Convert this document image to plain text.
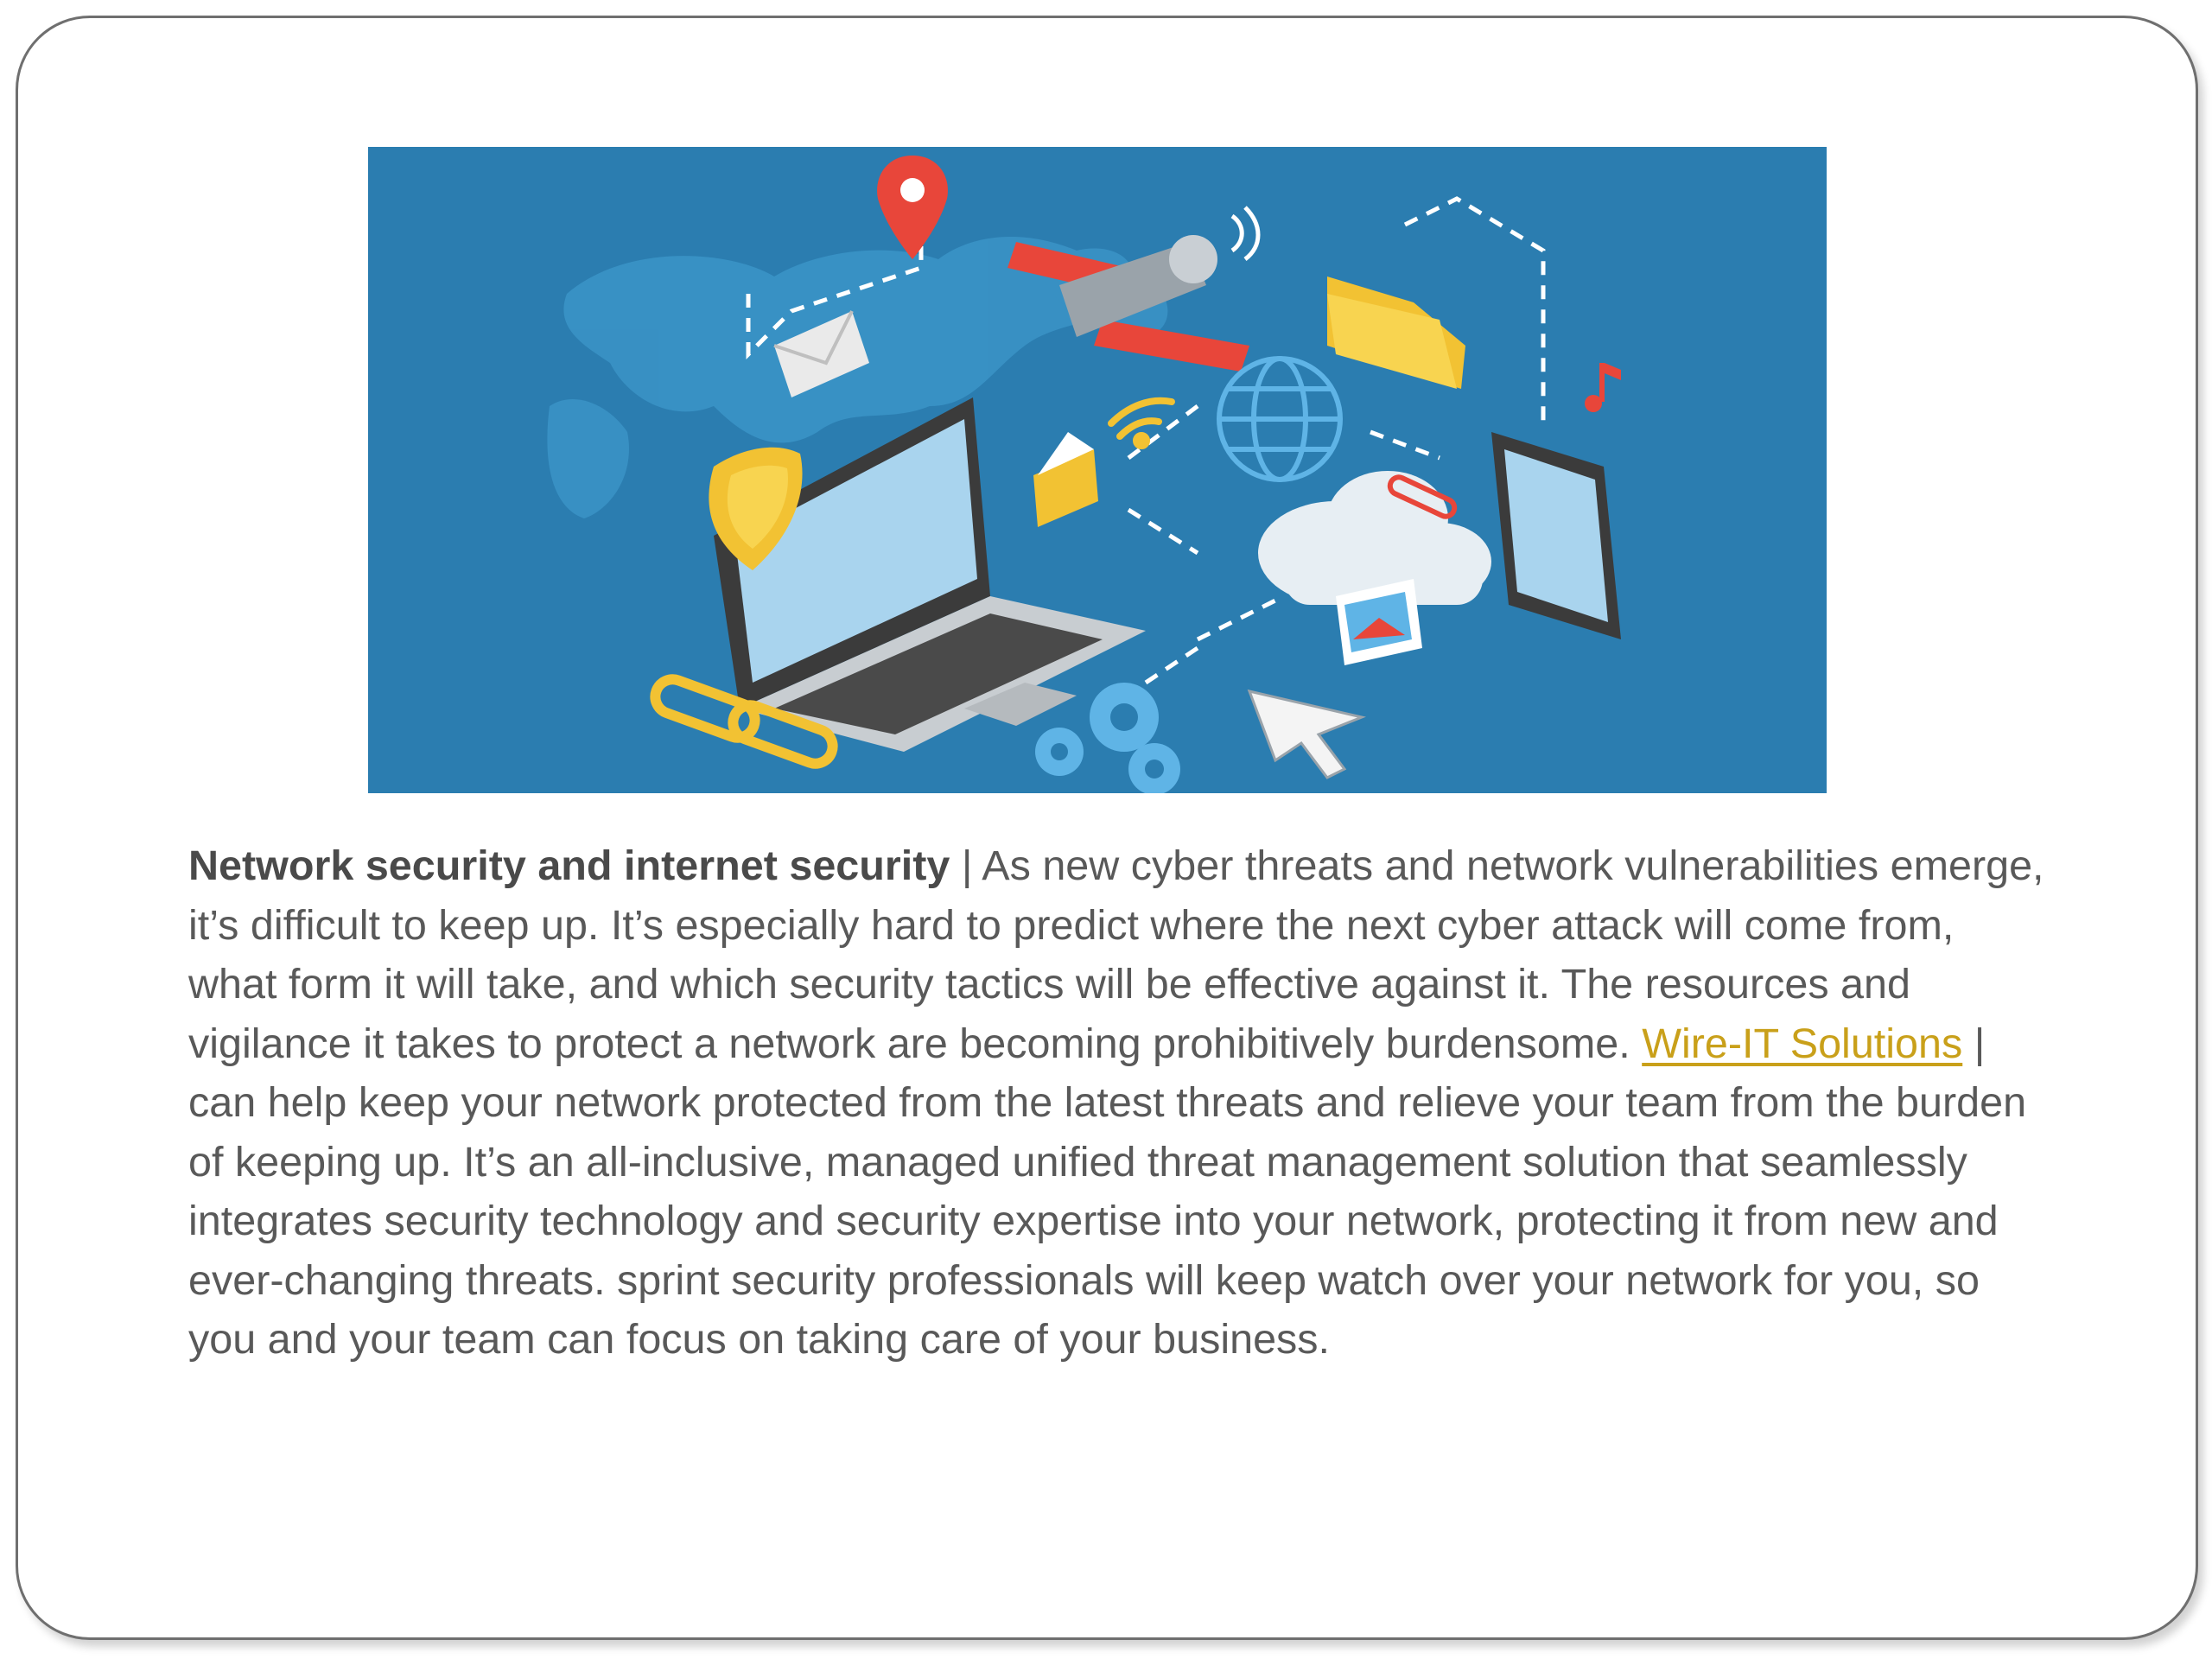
Network security and internet security | As new cyber threats and network vulnerabilities emerge, it’s difficult to keep up. It’s especially hard to predict where the next cyber attack will come from, what form it will take, and which security tactics will be effective against it. The resources and vigilance it takes to protect a network are becoming prohibitively burdensome. Wire-IT Solutions | can help keep your network protected from the latest threats and relieve your team from the burden of keeping up. It’s an all-inclusive, managed unified threat management solution that seamlessly integrates security technology and security expertise into your network, protecting it from new and ever-changing threats. sprint security professionals will keep watch over your network for you, so you and your team can focus on taking care of your business.
